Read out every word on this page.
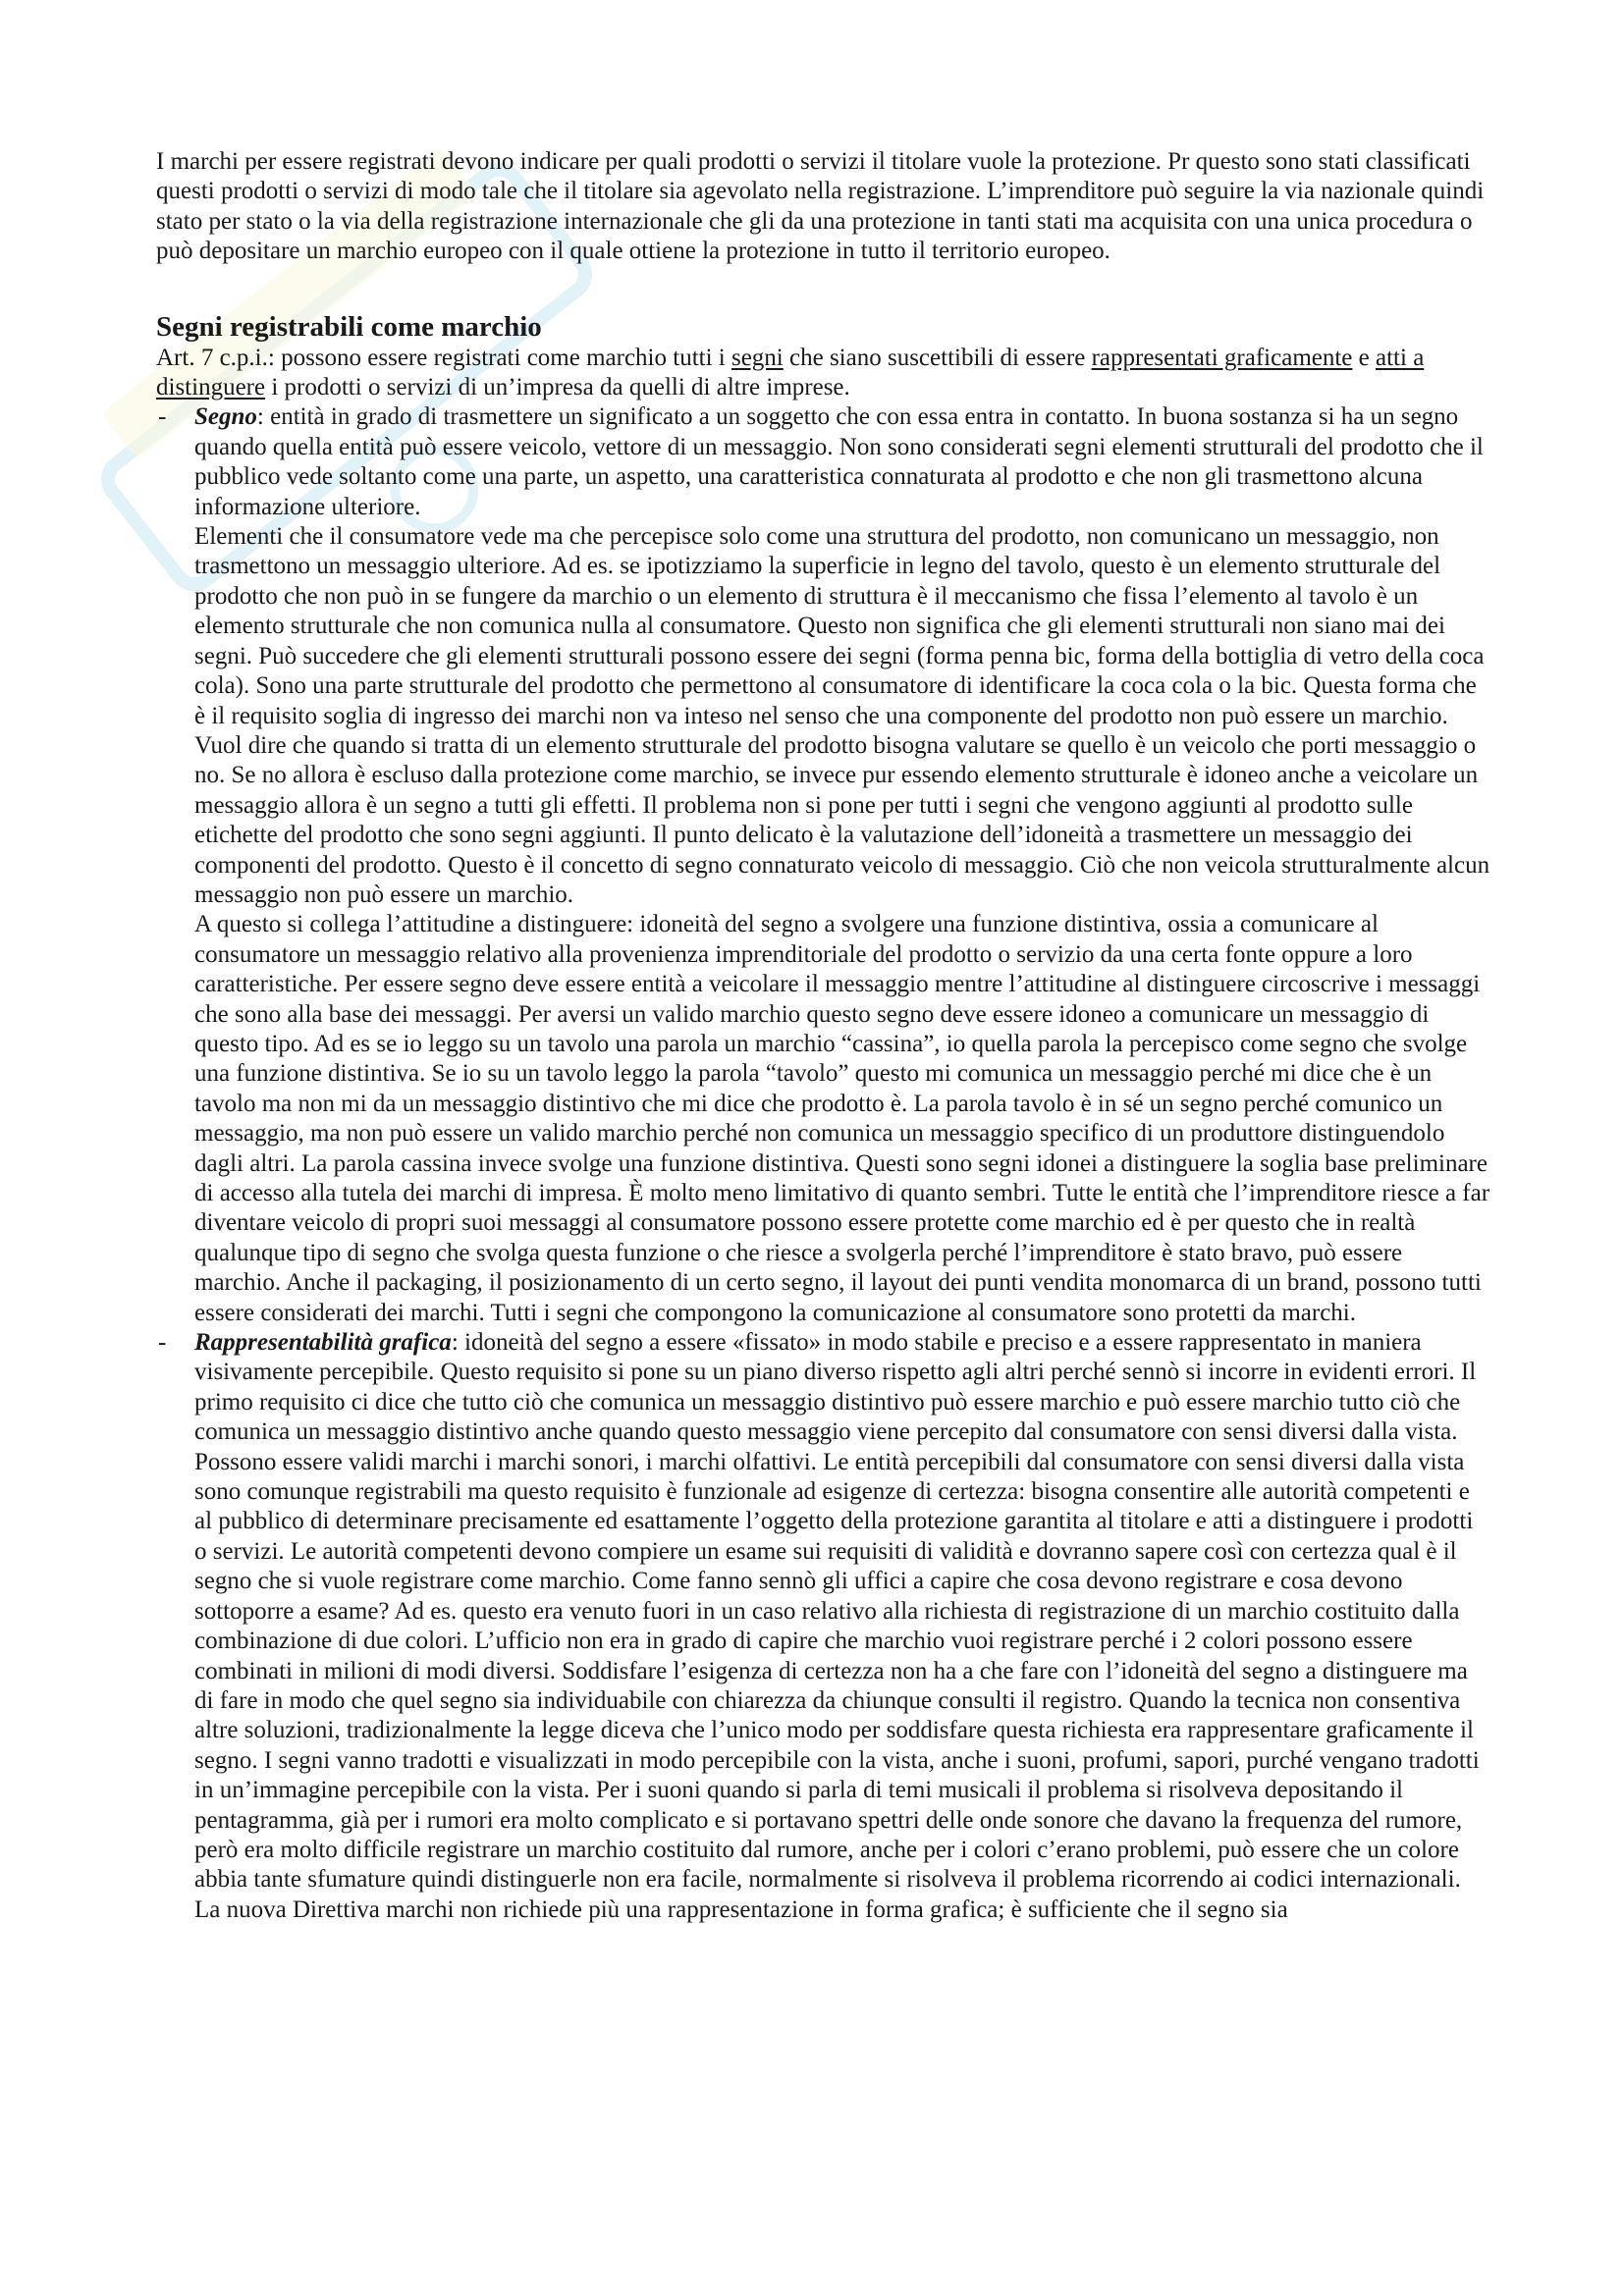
I marchi per essere registrati devono indicare per quali prodotti o servizi il titolare vuole la protezione. Pr questo sono stati classificati questi prodotti o servizi di modo tale che il titolare sia agevolato nella registrazione. L’imprenditore può seguire la via nazionale quindi stato per stato o la via della registrazione internazionale che gli da una protezione in tanti stati ma acquisita con una unica procedura o può depositare un marchio europeo con il quale ottiene la protezione in tutto il territorio europeo.

Segni registrabili come marchio

Art. 7 c.p.i.: possono essere registrati come marchio tutti i segni che siano suscettibili di essere rappresentati graficamente e atti a distinguere i prodotti o servizi di un’impresa da quelli di altre imprese.

- Segno: entità in grado di trasmettere un significato a un soggetto che con essa entra in contatto. In buona sostanza si ha un segno quando quella entità può essere veicolo, vettore di un messaggio. Non sono considerati segni elementi strutturali del prodotto che il pubblico vede soltanto come una parte, un aspetto, una caratteristica connaturata al prodotto e che non gli trasmettono alcuna informazione ulteriore.

Elementi che il consumatore vede ma che percepisce solo come una struttura del prodotto, non comunicano un messaggio, non trasmettono un messaggio ulteriore. Ad es. se ipotizziamo la superficie in legno del tavolo, questo è un elemento strutturale del prodotto che non può in se fungere da marchio o un elemento di struttura è il meccanismo che fissa l’elemento al tavolo è un elemento strutturale che non comunica nulla al consumatore. Questo non significa che gli elementi strutturali non siano mai dei segni. Può succedere che gli elementi strutturali possono essere dei segni (forma penna bic, forma della bottiglia di vetro della coca cola). Sono una parte strutturale del prodotto che permettono al consumatore di identificare la coca cola o la bic. Questa forma che è il requisito soglia di ingresso dei marchi non va inteso nel senso che una componente del prodotto non può essere un marchio. Vuol dire che quando si tratta di un elemento strutturale del prodotto bisogna valutare se quello è un veicolo che porti messaggio o no. Se no allora è escluso dalla protezione come marchio, se invece pur essendo elemento strutturale è idoneo anche a veicolare un messaggio allora è un segno a tutti gli effetti. Il problema non si pone per tutti i segni che vengono aggiunti al prodotto sulle etichette del prodotto che sono segni aggiunti. Il punto delicato è la valutazione dell’idoneità a trasmettere un messaggio dei componenti del prodotto. Questo è il concetto di segno connaturato veicolo di messaggio. Ciò che non veicola strutturalmente alcun messaggio non può essere un marchio.

A questo si collega l’attitudine a distinguere: idoneità del segno a svolgere una funzione distintiva, ossia a comunicare al consumatore un messaggio relativo alla provenienza imprenditoriale del prodotto o servizio da una certa fonte oppure a loro caratteristiche. Per essere segno deve essere entità a veicolare il messaggio mentre l’attitudine al distinguere circoscrive i messaggi che sono alla base dei messaggi. Per aversi un valido marchio questo segno deve essere idoneo a comunicare un messaggio di questo tipo. Ad es se io leggo su un tavolo una parola un marchio “cassina”, io quella parola la percepisco come segno che svolge una funzione distintiva. Se io su un tavolo leggo la parola “tavolo” questo mi comunica un messaggio perché mi dice che è un tavolo ma non mi da un messaggio distintivo che mi dice che prodotto è. La parola tavolo è in sé un segno perché comunico un messaggio, ma non può essere un valido marchio perché non comunica un messaggio specifico di un produttore distinguendolo dagli altri. La parola cassina invece svolge una funzione distintiva. Questi sono segni idonei a distinguere la soglia base preliminare di accesso alla tutela dei marchi di impresa. È molto meno limitativo di quanto sembri. Tutte le entità che l’imprenditore riesce a far diventare veicolo di propri suoi messaggi al consumatore possono essere protette come marchio ed è per questo che in realtà qualunque tipo di segno che svolga questa funzione o che riesce a svolgerla perché l’imprenditore è stato bravo, può essere marchio. Anche il packaging, il posizionamento di un certo segno, il layout dei punti vendita monomarca di un brand, possono tutti essere considerati dei marchi. Tutti i segni che compongono la comunicazione al consumatore sono protetti da marchi.

- Rappresentabilità grafica: idoneità del segno a essere «fissato» in modo stabile e preciso e a essere rappresentato in maniera visivamente percepibile. Questo requisito si pone su un piano diverso rispetto agli altri perché sennò si incorre in evidenti errori. Il primo requisito ci dice che tutto ciò che comunica un messaggio distintivo può essere marchio e può essere marchio tutto ciò che comunica un messaggio distintivo anche quando questo messaggio viene percepito dal consumatore con sensi diversi dalla vista. Possono essere validi marchi i marchi sonori, i marchi olfattivi. Le entità percepibili dal consumatore con sensi diversi dalla vista sono comunque registrabili ma questo requisito è funzionale ad esigenze di certezza: bisogna consentire alle autorità competenti e al pubblico di determinare precisamente ed esattamente l’oggetto della protezione garantita al titolare e atti a distinguere i prodotti o servizi. Le autorità competenti devono compiere un esame sui requisiti di validità e dovranno sapere così con certezza qual è il segno che si vuole registrare come marchio. Come fanno sennò gli uffici a capire che cosa devono registrare e cosa devono sottoporre a esame? Ad es. questo era venuto fuori in un caso relativo alla richiesta di registrazione di un marchio costituito dalla combinazione di due colori. L’ufficio non era in grado di capire che marchio vuoi registrare perché i 2 colori possono essere combinati in milioni di modi diversi. Soddisfare l’esigenza di certezza non ha a che fare con l’idoneità del segno a distinguere ma di fare in modo che quel segno sia individuabile con chiarezza da chiunque consulti il registro. Quando la tecnica non consentiva altre soluzioni, tradizionalmente la legge diceva che l’unico modo per soddisfare questa richiesta era rappresentare graficamente il segno. I segni vanno tradotti e visualizzati in modo percepibile con la vista, anche i suoni, profumi, sapori, purché vengano tradotti in un’immagine percepibile con la vista. Per i suoni quando si parla di temi musicali il problema si risolveva depositando il pentagramma, già per i rumori era molto complicato e si portavano spettri delle onde sonore che davano la frequenza del rumore, però era molto difficile registrare un marchio costituito dal rumore, anche per i colori c’erano problemi, può essere che un colore abbia tante sfumature quindi distinguerle non era facile, normalmente si risolveva il problema ricorrendo ai codici internazionali.

La nuova Direttiva marchi non richiede più una rappresentazione in forma grafica; è sufficiente che il segno sia
